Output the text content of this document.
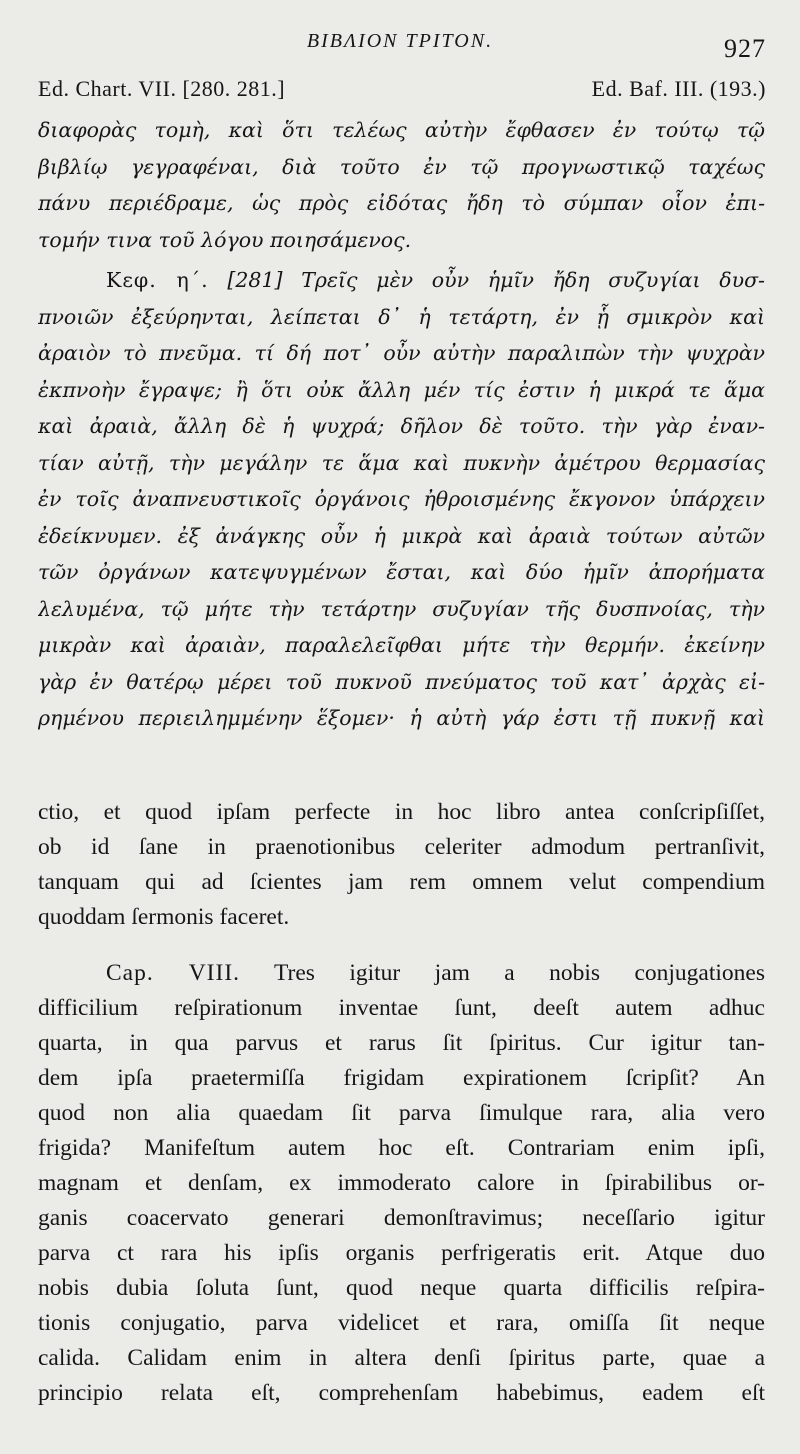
ΒΙΒΛΙΟΝ ΤΡΙΤΟΝ.	927
Ed. Chart. VII. [280. 281.]	Ed. Baf. III. (193.)
διαφορὰς τομὴ, καὶ ὅτι τελέως αὐτὴν ἔφθασεν ἐν τούτῳ τῷ
βιβλίῳ γεγραφέναι, διὰ τοῦτο ἐν τῷ προγνωστικῷ ταχέως
πάνυ περιέδραμε, ὡς πρὸς εἰδότας ἤδη τὸ σύμπαν οἷον ἐπι-
τομήν τινα τοῦ λόγου ποιησάμενος.
Κεφ. η΄. [281] Τρεῖς μὲν οὖν ἡμῖν ἤδη συζυγίαι δυσ-
πνοιῶν ἐξεύρηνται, λείπεται δ᾽ ἡ τετάρτη, ἐν ᾗ σμικρὸν καὶ
ἀραιὸν τὸ πνεῦμα. τί δή ποτ᾽ οὖν αὐτὴν παραλιπὼν τὴν ψυχρὰν
ἐκπνοὴν ἔγραψε; ἢ ὅτι οὐκ ἄλλη μέν τίς ἐστιν ἡ μικρά τε ἅμα
καὶ ἀραιὰ, ἄλλη δὲ ἡ ψυχρά; δῆλον δὲ τοῦτο. τὴν γὰρ ἐναν-
τίαν αὐτῇ, τὴν μεγάλην τε ἅμα καὶ πυκνὴν ἀμέτρου θερμασίας
ἐν τοῖς ἀναπνευστικοῖς ὀργάνοις ἠθροισμένης ἔκγονον ὑπάρχειν
ἐδείκνυμεν. ἐξ ἀνάγκης οὖν ἡ μικρὰ καὶ ἀραιὰ τούτων αὐτῶν
τῶν ὀργάνων κατεψυγμένων ἔσται, καὶ δύο ἡμῖν ἀπορήματα
λελυμένα, τῷ μήτε τὴν τετάρτην συζυγίαν τῆς δυσπνοίας, τὴν
μικρὰν καὶ ἀραιὰν, παραλελεῖφθαι μήτε τὴν θερμήν. ἐκείνην
γὰρ ἐν θατέρῳ μέρει τοῦ πυκνοῦ πνεύματος τοῦ κατ᾽ ἀρχὰς εἰ-
ρημένου περιειλημμένην ἕξομεν· ἡ αὐτὴ γάρ ἐστι τῇ πυκνῇ καὶ
ctio, et quod ipſam perfecte in hoc libro antea conſcripſiſſet,
ob id ſane in praenotionibus celeriter admodum pertranſivit,
tanquam qui ad ſcientes jam rem omnem velut compendium
quoddam ſermonis faceret.
Cap. VIII. Tres igitur jam a nobis conjugationes
difficilium reſpirationum inventae ſunt, deeſt autem adhuc
quarta, in qua parvus et rarus ſit ſpiritus. Cur igitur tan-
dem ipſa praetermiſſa frigidam expirationem ſcripſit? An
quod non alia quaedam ſit parva ſimulque rara, alia vero
frigida? Manifeſtum autem hoc eſt. Contrariam enim ipſi,
magnam et denſam, ex immoderato calore in ſpirabilibus or-
ganis coacervato generari demonſtravimus; neceſſario igitur
parva ct rara his ipſis organis perfrigeratis erit. Atque duo
nobis dubia ſoluta ſunt, quod neque quarta difficilis reſpira-
tionis conjugatio, parva videlicet et rara, omiſſa ſit neque
calida. Calidam enim in altera denſi ſpiritus parte, quae a
principio relata eſt, comprehenſam habebimus, eadem eſt
